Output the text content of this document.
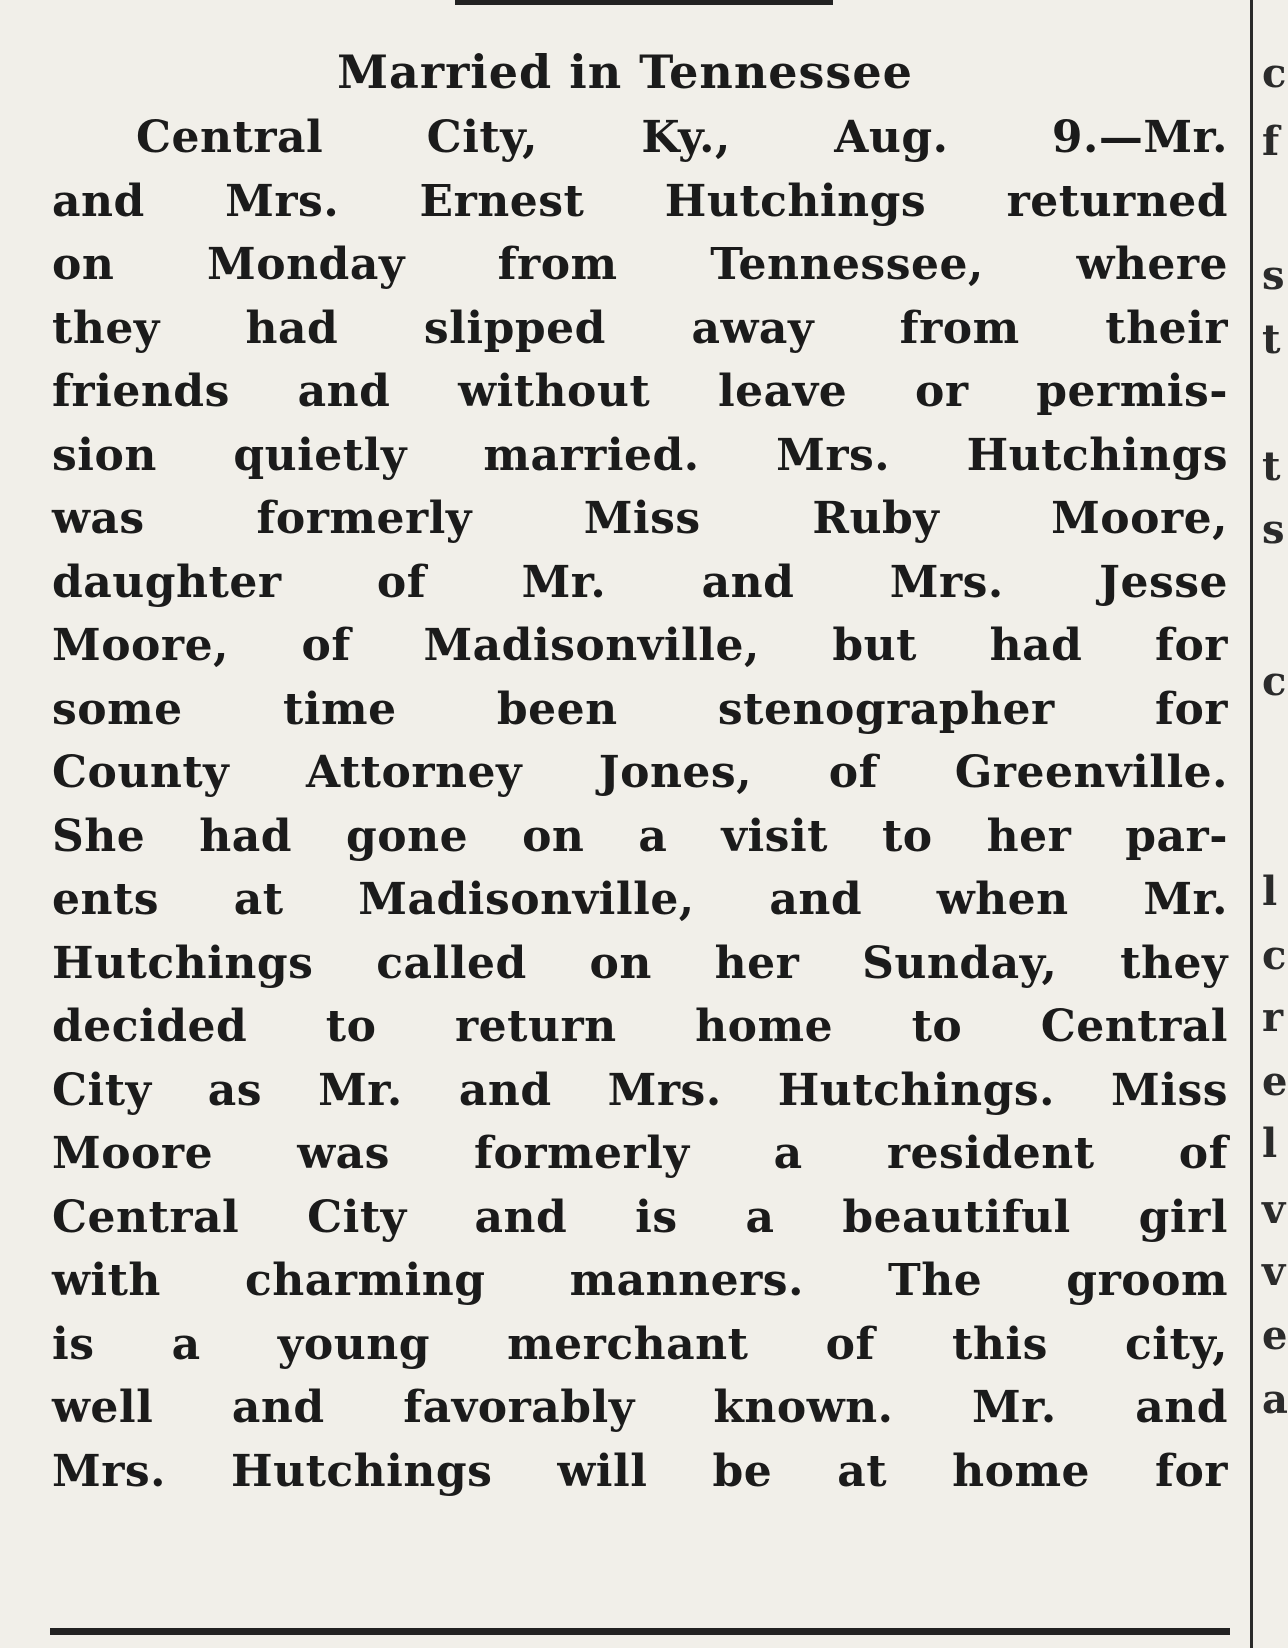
Married in Tennessee
Central City, Ky., Aug. 9.—Mr.
and Mrs. Ernest Hutchings returned
on Monday from Tennessee, where
they had slipped away from their
friends and without leave or permis-
sion quietly married. Mrs. Hutchings
was formerly Miss Ruby Moore,
daughter of Mr. and Mrs. Jesse
Moore, of Madisonville, but had for
some time been stenographer for
County Attorney Jones, of Greenville.
She had gone on a visit to her par-
ents at Madisonville, and when Mr.
Hutchings called on her Sunday, they
decided to return home to Central
City as Mr. and Mrs. Hutchings. Miss
Moore was formerly a resident of
Central City and is a beautiful girl
with charming manners. The groom
is a young merchant of this city,
well and favorably known. Mr. and
Mrs. Hutchings will be at home for
c
f
s
t
t
s
c
l
c
r
e
l
v
v
e
a
